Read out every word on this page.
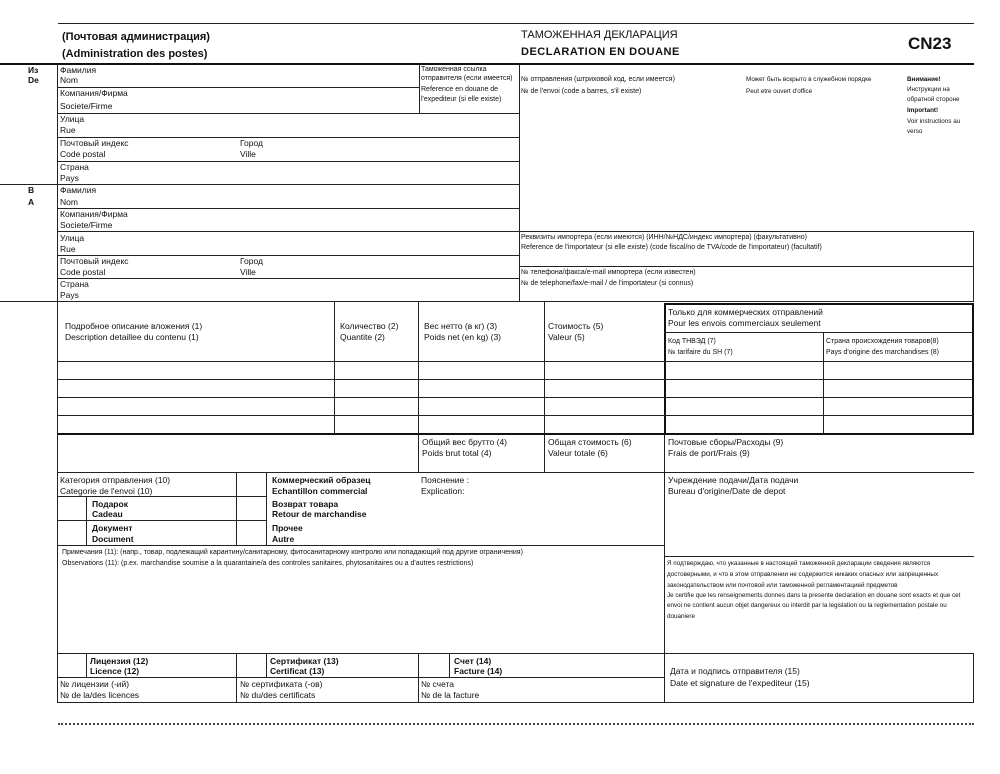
(Почтовая администрация)
(Administration des postes)
ТАМОЖЕННАЯ ДЕКЛАРАЦИЯ
DECLARATION EN DOUANE	CN23
Из
De
Фамилия
Nom
Компания/Фирма
Societe/Firme
Улица
Rue
Почтовый индекс
Code postal
Город
Ville
Страна
Pays
Таможенная ссылка
отправителя (если имеется)
Reference en douane de
l'expediteur (si elle existe)
В
A
Фамилия
Nom
Компания/Фирма
Societe/Firme
Улица
Rue
Почтовый индекс
Code postal
Город
Ville
Страна
Pays
№ отправления (штриховой код, если имеется)
№ de l'envoi (code a barres, s'il existe)
Может быть вскрыто в служебном порядке
Peut etre ouvert d'office
Внимание!
Инструкции на
обратной стороне
Important!
Voir instructions au
verso
Реквизиты импортера (если имеются) (ИНН/№НДС/индекс импортера) (факультативно)
Reference de l'importateur (si elle existe) (code fiscal/no de TVA/code de l'importateur) (facultatif)
№ телефона/факса/e-mail импортера (если известен)
№ de telephone/fax/e-mail / de l'importateur (si connus)
Подробное описание вложения (1)
Description detaillee du contenu (1)
Количество (2)
Quantite (2)
Вес нетто (в кг) (3)
Poids net (en kg) (3)
Стоимость (5)
Valeur (5)
Только для коммерческих отправлений
Pour les envois commerciaux seulement
Код ТНВЭД (7)
№ tarifaire du SH (7)
Страна происхождения товаров(8)
Pays d'origine des marchandises (8)
Общий вес брутто (4)
Poids brut total (4)
Общая стоимость (6)
Valeur totale (6)
Почтовые сборы/Расходы (9)
Frais de port/Frais (9)
Категория отправления (10)
Categorie de l'envoi (10)
Подарок
Cadeau
Документ
Document
Коммерческий образец
Echantillon commercial
Возврат товара
Retour de marchandise
Прочее
Autre
Пояснение :
Explication:
Учреждение подачи/Дата подачи
Bureau d'origine/Date de depot
Примечания (11): (напр., товар, подлежащий карантину/санитарному, фитосанитарному контролю или попадающий под другие ограничения)
Observations (11): (p.ex. marchandise soumise a la quarantaine/a des controles sanitaires, phytosanitaires ou a d'autres restrictions)	Я подтверждаю, что указанные в настоящей таможенной декларации сведения являются
достоверными, и что в этом отправлении не содержится никаких опасных или запрещенных
законодательством или почтовой или таможенной регламентацией предметов
Je certifie que les renseignements donnes dans la presente declaration en douane sont exacts et que cet
envoi ne contient aucun objet dangereux ou interdit par la legislation ou la reglementation postale ou
douaniere
Лицензия (12)
Licence (12)
№ лицензии (-ий)
№ de la/des licences
Сертификат (13)
Certificat (13)
№ сертификата (-ов)
№ du/des certificats
Счет (14)
Facture (14)
№ счета
№ de la facture
Дата и подпись отправителя (15)
Date et signature de l'expediteur (15)
